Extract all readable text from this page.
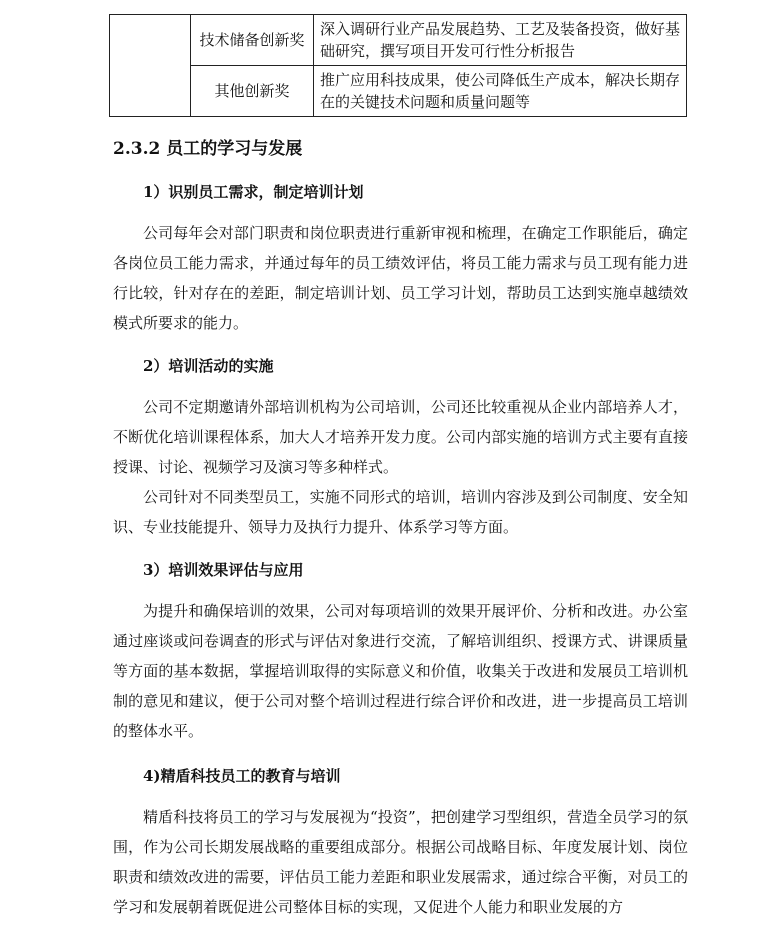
	技术储备创新奖	深入调研行业产品发展趋势、工艺及装备投资，做好基础研究，撰写项目开发可行性分析报告
	其他创新奖	推广应用科技成果，使公司降低生产成本，解决长期存在的关键技术问题和质量问题等
2.3.2 员工的学习与发展
1）识别员工需求，制定培训计划

公司每年会对部门职责和岗位职责进行重新审视和梳理，在确定工作职能后，确定各岗位员工能力需求，并通过每年的员工绩效评估，将员工能力需求与员工现有能力进行比较，针对存在的差距，制定培训计划、员工学习计划，帮助员工达到实施卓越绩效模式所要求的能力。

2）培训活动的实施

公司不定期邀请外部培训机构为公司培训，公司还比较重视从企业内部培养人才，不断优化培训课程体系，加大人才培养开发力度。公司内部实施的培训方式主要有直接授课、讨论、视频学习及演习等多种样式。

公司针对不同类型员工，实施不同形式的培训，培训内容涉及到公司制度、安全知识、专业技能提升、领导力及执行力提升、体系学习等方面。

3）培训效果评估与应用

为提升和确保培训的效果，公司对每项培训的效果开展评价、分析和改进。办公室通过座谈或问卷调查的形式与评估对象进行交流，了解培训组织、授课方式、讲课质量等方面的基本数据，掌握培训取得的实际意义和价值，收集关于改进和发展员工培训机制的意见和建议，便于公司对整个培训过程进行综合评价和改进，进一步提高员工培训的整体水平。

4)精盾科技员工的教育与培训

精盾科技将员工的学习与发展视为“投资”，把创建学习型组织，营造全员学习的氛围，作为公司长期发展战略的重要组成部分。根据公司战略目标、年度发展计划、岗位职责和绩效改进的需要，评估员工能力差距和职业发展需求，通过综合平衡，对员工的学习和发展朝着既促进公司整体目标的实现，又促进个人能力和职业发展的方
